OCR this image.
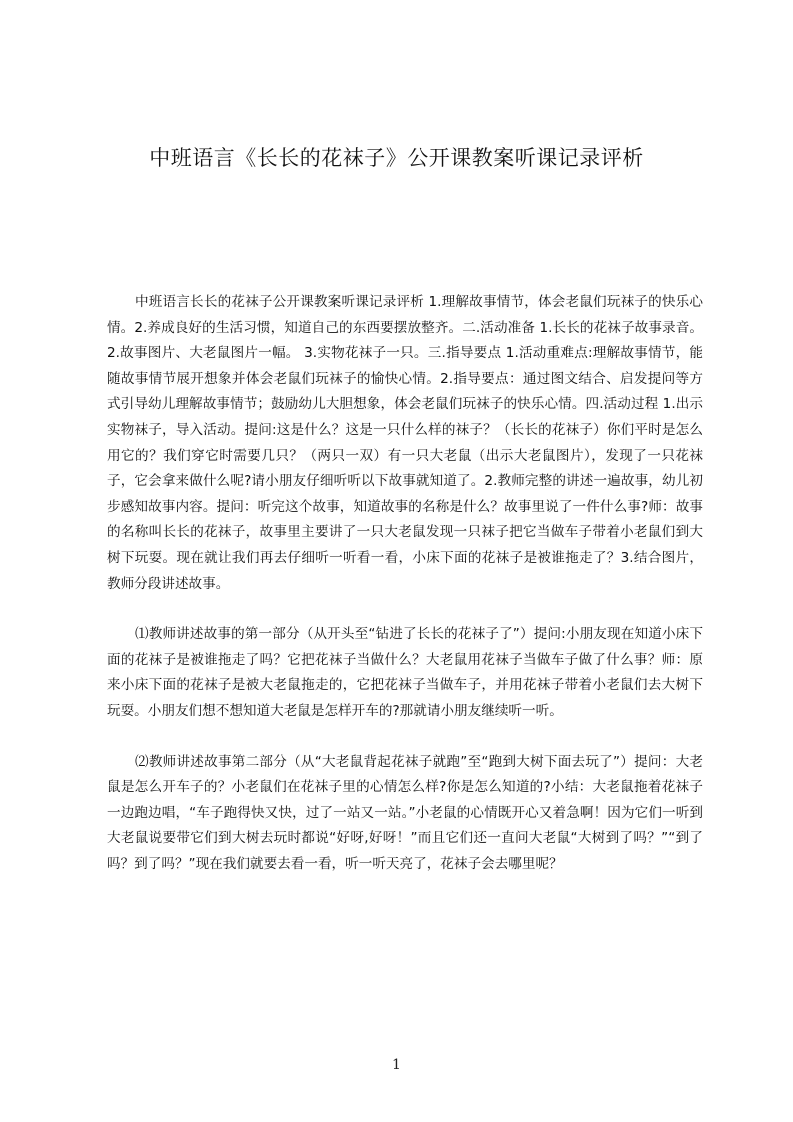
中班语言《长长的花袜子》公开课教案听课记录评析

中班语言长长的花袜子公开课教案听课记录评析 1.理解故事情节，体会老鼠们玩袜子的快乐心情。2.养成良好的生活习惯，知道自己的东西要摆放整齐。二.活动准备 1.长长的花袜子故事录音。2.故事图片、大老鼠图片一幅。 3.实物花袜子一只。三.指导要点 1.活动重难点:理解故事情节，能随故事情节展开想象并体会老鼠们玩袜子的愉快心情。2.指导要点：通过图文结合、启发提问等方式引导幼儿理解故事情节；鼓励幼儿大胆想象，体会老鼠们玩袜子的快乐心情。四.活动过程 1.出示实物袜子，导入活动。提问:这是什么？这是一只什么样的袜子？（长长的花袜子）你们平时是怎么用它的？我们穿它时需要几只？（两只一双）有一只大老鼠（出示大老鼠图片），发现了一只花袜子，它会拿来做什么呢?请小朋友仔细听听以下故事就知道了。2.教师完整的讲述一遍故事，幼儿初步感知故事内容。提问：听完这个故事，知道故事的名称是什么？故事里说了一件什么事?师：故事的名称叫长长的花袜子，故事里主要讲了一只大老鼠发现一只袜子把它当做车子带着小老鼠们到大树下玩耍。现在就让我们再去仔细听一听看一看，小床下面的花袜子是被谁拖走了？3.结合图片，教师分段讲述故事。

⑴教师讲述故事的第一部分（从开头至“钻进了长长的花袜子了”）提问:小朋友现在知道小床下面的花袜子是被谁拖走了吗？它把花袜子当做什么？大老鼠用花袜子当做车子做了什么事？师：原来小床下面的花袜子是被大老鼠拖走的，它把花袜子当做车子，并用花袜子带着小老鼠们去大树下玩耍。小朋友们想不想知道大老鼠是怎样开车的?那就请小朋友继续听一听。

⑵教师讲述故事第二部分（从“大老鼠背起花袜子就跑”至“跑到大树下面去玩了”）提问：大老鼠是怎么开车子的？小老鼠们在花袜子里的心情怎么样?你是怎么知道的?小结：大老鼠拖着花袜子一边跑边唱，“车子跑得快又快，过了一站又一站。”小老鼠的心情既开心又着急啊！因为它们一听到大老鼠说要带它们到大树去玩时都说“好呀,好呀！”而且它们还一直问大老鼠“大树到了吗？”“到了吗？到了吗？”现在我们就要去看一看，听一听天亮了，花袜子会去哪里呢？

1
